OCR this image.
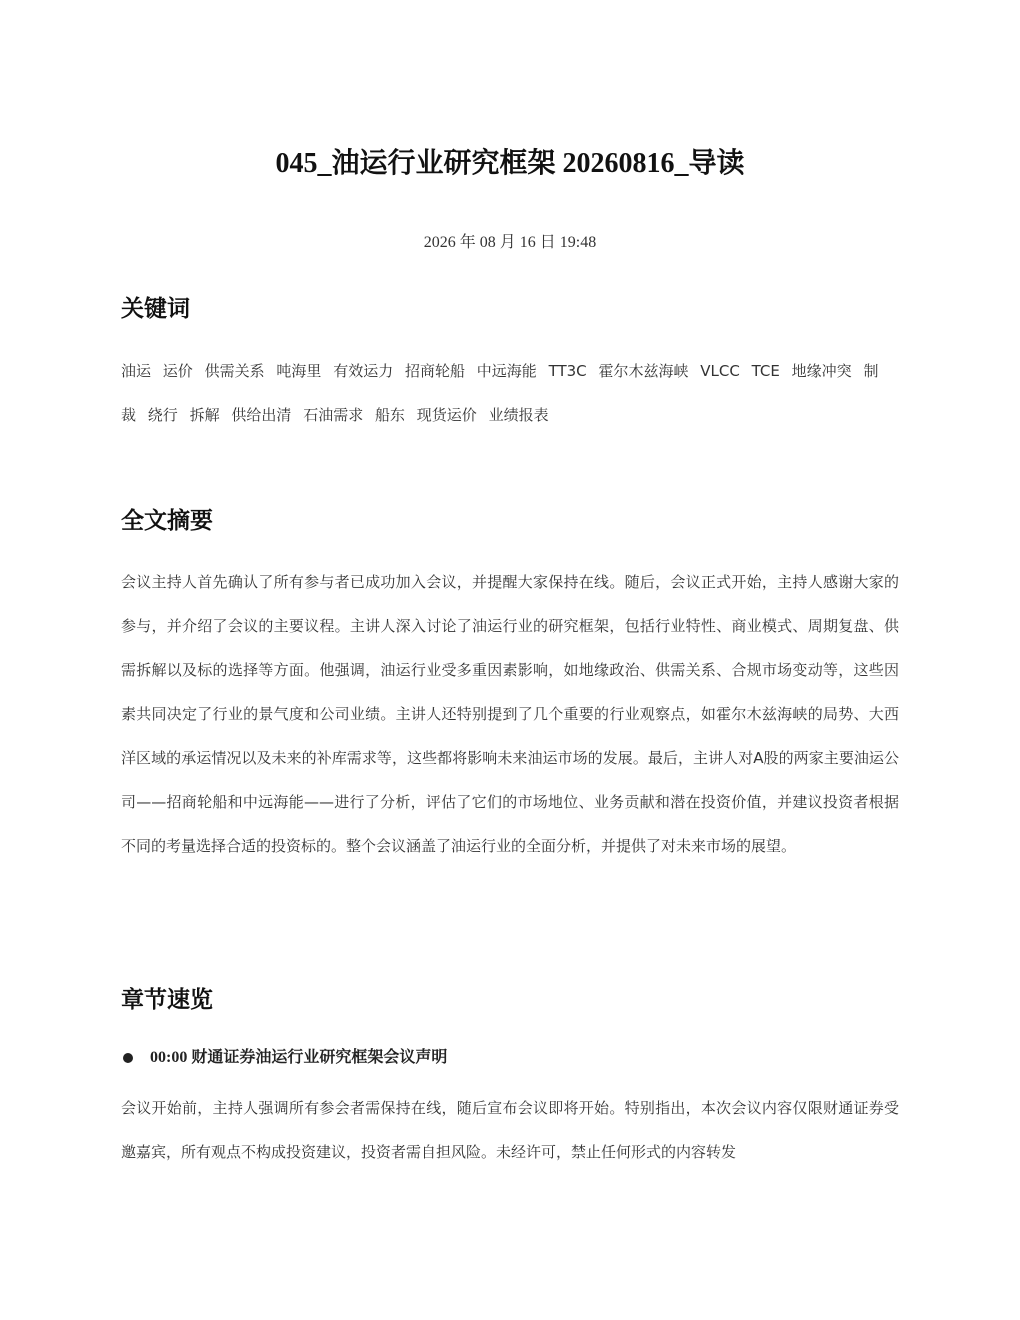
045_油运行业研究框架 20260816_导读
2026 年 08 月 16 日 19:48
关键词
油运 运价 供需关系 吨海里 有效运力 招商轮船 中远海能 TT3C 霍尔木兹海峡 VLCC TCE 地缘冲突 制裁 绕行 拆解 供给出清 石油需求 船东 现货运价 业绩报表
全文摘要

会议主持人首先确认了所有参与者已成功加入会议，并提醒大家保持在线。随后，会议正式开始，主持人感谢大家的参与，并介绍了会议的主要议程。主讲人深入讨论了油运行业的研究框架，包括行业特性、商业模式、周期复盘、供需拆解以及标的选择等方面。他强调，油运行业受多重因素影响，如地缘政治、供需关系、合规市场变动等，这些因素共同决定了行业的景气度和公司业绩。主讲人还特别提到了几个重要的行业观察点，如霍尔木兹海峡的局势、大西洋区域的承运情况以及未来的补库需求等，这些都将影响未来油运市场的发展。最后，主讲人对A股的两家主要油运公司——招商轮船和中远海能——进行了分析，评估了它们的市场地位、业务贡献和潜在投资价值，并建议投资者根据不同的考量选择合适的投资标的。整个会议涵盖了油运行业的全面分析，并提供了对未来市场的展望。

章节速览
00:00 财通证券油运行业研究框架会议声明

会议开始前，主持人强调所有参会者需保持在线，随后宣布会议即将开始。特别指出，本次会议内容仅限财通证券受邀嘉宾，所有观点不构成投资建议，投资者需自担风险。未经许可，禁止任何形式的内容转发
